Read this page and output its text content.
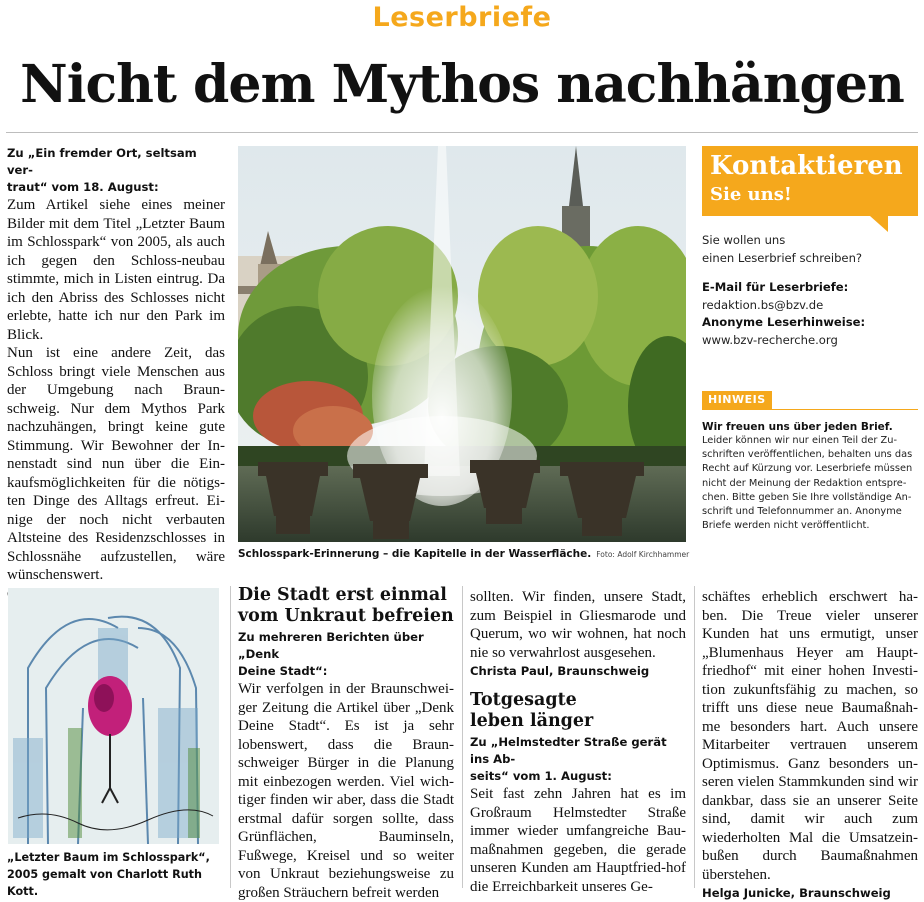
Leserbriefe
Nicht dem Mythos nachhängen

Zu „Ein fremder Ort, seltsam ver-
traut“ vom 18. August:

Zum Artikel siehe eines meiner Bilder mit dem Titel „Letzter Baum im Schlosspark“ von 2005, als auch ich gegen den Schloss-neubau stimmte, mich in Listen eintrug. Da ich den Abriss des Schlosses nicht erlebte, hatte ich nur den Park im Blick.
Nun ist eine andere Zeit, das Schloss bringt viele Menschen aus der Umgebung nach Braun-schweig. Nur dem Mythos Park nachzuhängen, bringt keine gute Stimmung. Wir Bewohner der In-nenstadt sind nun über die Ein-kaufsmöglichkeiten für die nötigs-ten Dinge des Alltags erfreut. Ei-nige der noch nicht verbauten Altsteine des Residenzschlosses in Schlossnähe aufzustellen, wäre wünschenswert.

Schlosspark-Erinnerung – die Kapitelle in der Wasserfläche. Foto: Adolf Kirchhammer
„Letzter Baum im Schlosspark“,
2005 gemalt von Charlott Ruth Kott.

Die Stadt erst einmal
vom Unkraut befreien

Zu mehreren Berichten über „Denk
Deine Stadt“:

Wir verfolgen in der Braunschwei-ger Zeitung die Artikel über „Denk Deine Stadt“. Es ist ja sehr lobenswert, dass die Braun-schweiger Bürger in die Planung mit einbezogen werden. Viel wich-tiger finden wir aber, dass die Stadt erstmal dafür sorgen sollte, dass Grünflächen, Bauminseln, Fußwege, Kreisel und so weiter von Unkraut beziehungsweise zu großen Sträuchern befreit werden

sollten. Wir finden, unsere Stadt, zum Beispiel in Gliesmarode und Querum, wo wir wohnen, hat noch nie so verwahrlost ausgesehen.

Christa Paul, Braunschweig

Totgesagte
leben länger

Zu „Helmstedter Straße gerät ins Ab-
seits“ vom 1. August:

Seit fast zehn Jahren hat es im Großraum Helmstedter Straße immer wieder umfangreiche Bau-maßnahmen gegeben, die gerade unseren Kunden am Hauptfried-hof die Erreichbarkeit unseres Ge-

schäftes erheblich erschwert ha-ben. Die Treue vieler unserer Kunden hat uns ermutigt, unser „Blumenhaus Heyer am Haupt-friedhof“ mit einer hohen Investi-tion zukunftsfähig zu machen, so trifft uns diese neue Baumaßnah-me besonders hart. Auch unsere Mitarbeiter vertrauen unserem Optimismus. Ganz besonders un-seren vielen Stammkunden sind wir dankbar, dass sie an unserer Seite sind, damit wir auch zum wiederholten Mal die Umsatzein-bußen durch Baumaßnahmen überstehen.

Helga Junicke, Braunschweig

Kontaktieren
Sie uns!

Sie wollen uns
einen Leserbrief schreiben?

E-Mail für Leserbriefe:

redaktion.bs@bzv.de

Anonyme Leserhinweise:

www.bzv-recherche.org

HINWEIS

Wir freuen uns über jeden Brief.

Leider können wir nur einen Teil der Zu-
schriften veröffentlichen, behalten uns das
Recht auf Kürzung vor. Leserbriefe müssen
nicht der Meinung der Redaktion entspre-
chen. Bitte geben Sie Ihre vollständige An-
schrift und Telefonnummer an. Anonyme
Briefe werden nicht veröffentlicht.
